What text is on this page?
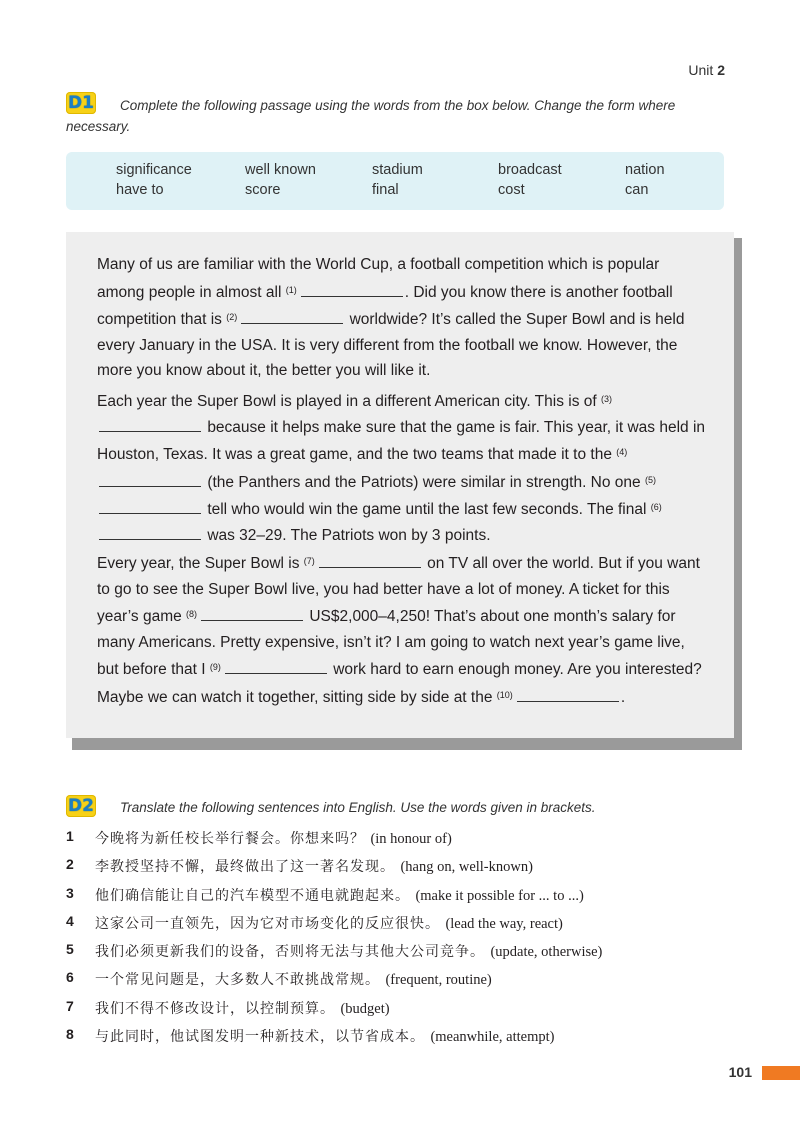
Unit 2
D1 Complete the following passage using the words from the box below. Change the form where
necessary.
significance	well known	stadium	broadcast	nation
have to	score	final	cost	can

Many of us are familiar with the World Cup, a football competition which is popular among people in almost all $^{(1)}$	. Did you know there is another football competition that is $^{(2)}$	worldwide? It’s called the Super Bowl and is held every January in the USA. It is very different from the football we know. However, the more you know about it, the better you will like it.

Each year the Super Bowl is played in a different American city. This is of $^{(3)}$ because it helps make sure that the game is fair. This year, it was held in Houston, Texas. It was a great game, and the two teams that made it to the $^{(4)}$ (the Panthers and the Patriots) were similar in strength. No one $^{(5)}$ tell who would win the game until the last few seconds. The final $^{(6)}$ was 32–29. The Patriots won by 3 points.

Every year, the Super Bowl is $^{(7)}$	on TV all over the world. But if you want to go to see the Super Bowl live, you had better have a lot of money. A ticket for this year’s game $^{(8)}$	US$2,000–4,250! That’s about one month’s salary for many Americans. Pretty expensive, isn’t it? I am going to watch next year’s game live, but before that I $^{(9)}$	work hard to earn enough money. Are you interested? Maybe we can watch it together, sitting side by side at the $^{(10)}$	.

D2 Translate the following sentences into English. Use the words given in brackets.
1 今晚将为新任校长举行餐会。你想来吗？ (in honour of)
2 李教授坚持不懈，最终做出了这一著名发现。 (hang on, well-known)
3 他们确信能让自己的汽车模型不通电就跑起来。 (make it possible for ... to ...)
4 这家公司一直领先，因为它对市场变化的反应很快。 (lead the way, react)
5 我们必须更新我们的设备，否则将无法与其他大公司竞争。 (update, otherwise)
6 一个常见问题是，大多数人不敢挑战常规。 (frequent, routine)
7 我们不得不修改设计，以控制预算。 (budget)
8 与此同时，他试图发明一种新技术，以节省成本。 (meanwhile, attempt)
101
